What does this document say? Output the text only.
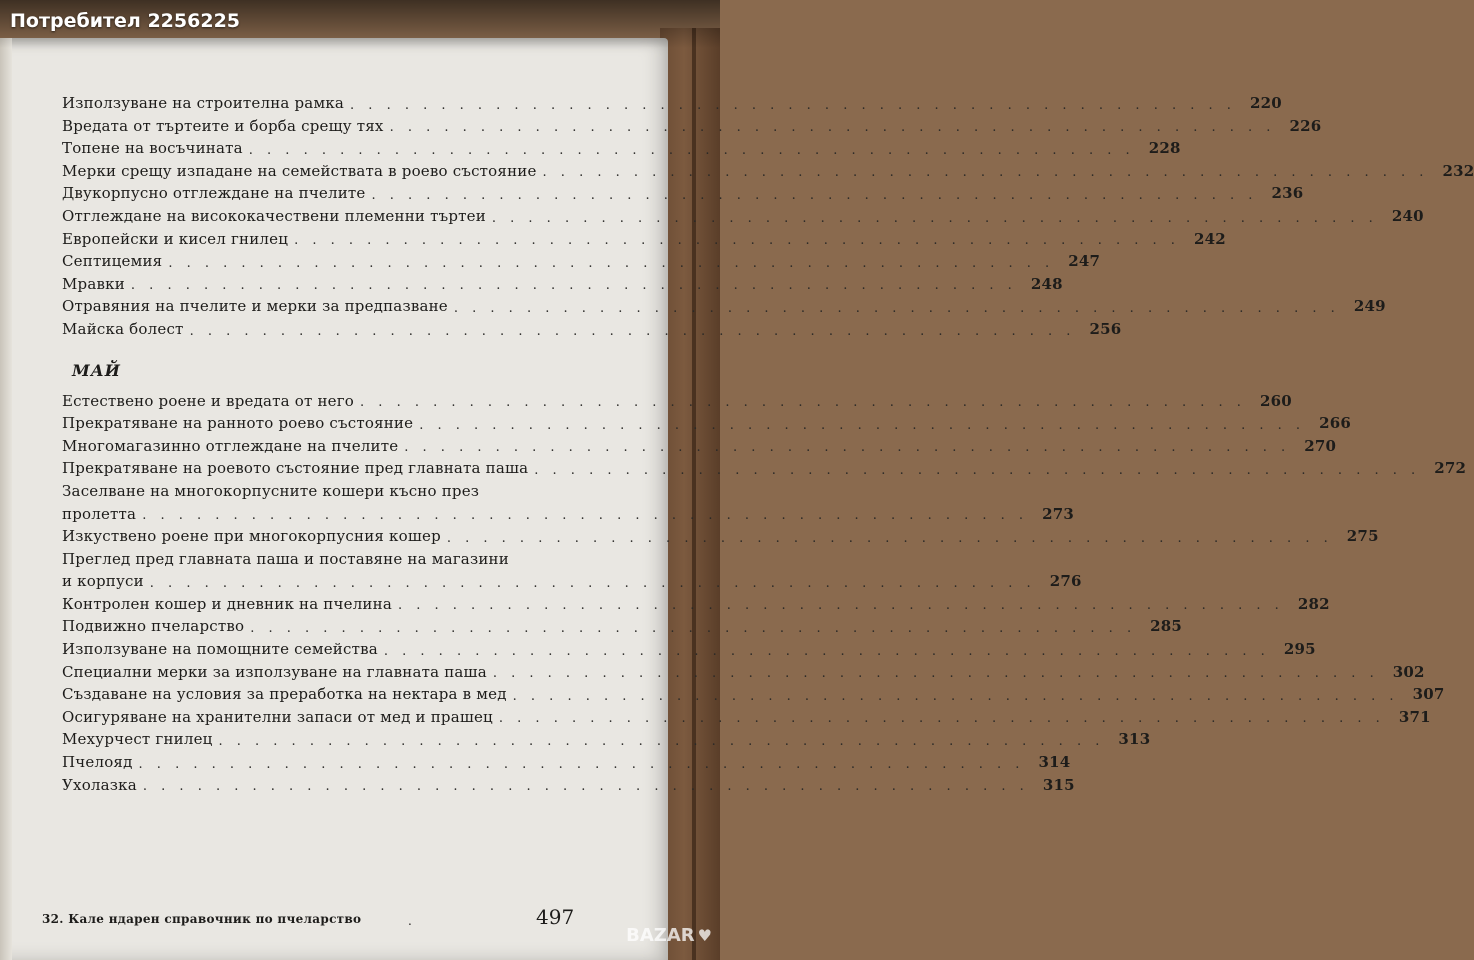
Потребител 2256225
Използуване на строителна рамка . . .	220
Вредата от търтеите и борба срещу тях . . .	226
Топене на восъчината . . .	228
Мерки срещу изпадане на семействата в роево състояние . . .	232
Двукорпусно отглеждане на пчелите . . .	236
Отглеждане на висококачествени племенни търтеи . . .	240
Европейски и кисел гнилец . . .	242
Септицемия . . .	247
Мравки . . .	248
Отравяния на пчелите и мерки за предпазване . . .	249
Майска болест . . .	256
МАЙ
Естествено роене и вредата от него . . .	260
Прекратяване на ранното роево състояние . . .	266
Многомагазинно отглеждане на пчелите . . .	270
Прекратяване на роевото състояние пред главната паша . . .	272
Заселване на многокорпусните кошери късно през
пролетта . . .	273
Изкуствено роене при многокорпусния кошер . . .	275
Преглед пред главната паша и поставяне на магазини
и корпуси . . .	276
Контролен кошер и дневник на пчелина . . .	282
Подвижно пчеларство . . .	285
Използуване на помощните семейства . . .	295
Специални мерки за използуване на главната паша . . .	302
Създаване на условия за преработка на нектара в мед . . .	307
Осигуряване на хранителни запаси от мед и прашец . . .	371
Мехурчест гнилец . . .	313
Пчелояд . . .	314
Ухолазка . . .	315
32. Кале ндарен справочник по пчеларство	.	497
BAZAR ♥
